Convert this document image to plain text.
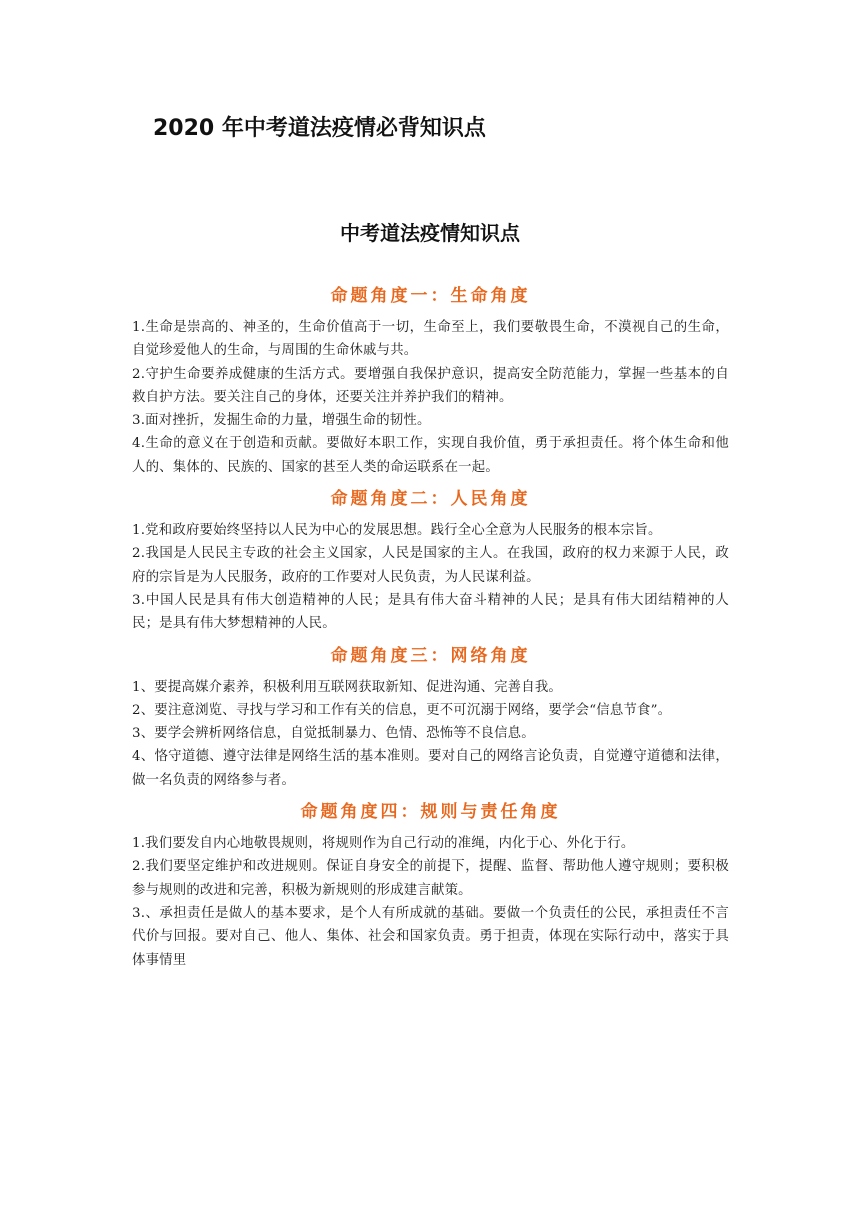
2020 年中考道法疫情必背知识点
中考道法疫情知识点
命题角度一：生命角度

1.生命是崇高的、神圣的，生命价值高于一切，生命至上，我们要敬畏生命，不漠视自己的生命，自觉珍爱他人的生命，与周围的生命休戚与共。

2.守护生命要养成健康的生活方式。要增强自我保护意识，提高安全防范能力，掌握一些基本的自救自护方法。要关注自己的身体，还要关注并养护我们的精神。

3.面对挫折，发掘生命的力量，增强生命的韧性。

4.生命的意义在于创造和贡献。要做好本职工作，实现自我价值，勇于承担责任。将个体生命和他人的、集体的、民族的、国家的甚至人类的命运联系在一起。

命题角度二：人民角度

1.党和政府要始终坚持以人民为中心的发展思想。践行全心全意为人民服务的根本宗旨。

2.我国是人民民主专政的社会主义国家，人民是国家的主人。在我国，政府的权力来源于人民，政府的宗旨是为人民服务，政府的工作要对人民负责，为人民谋利益。

3.中国人民是具有伟大创造精神的人民；是具有伟大奋斗精神的人民；是具有伟大团结精神的人民；是具有伟大梦想精神的人民。

命题角度三：网络角度

1、要提高媒介素养，积极利用互联网获取新知、促进沟通、完善自我。

2、要注意浏览、寻找与学习和工作有关的信息，更不可沉溺于网络，要学会“信息节食”。

3、要学会辨析网络信息，自觉抵制暴力、色情、恐怖等不良信息。

4、恪守道德、遵守法律是网络生活的基本准则。要对自己的网络言论负责，自觉遵守道德和法律，做一名负责的网络参与者。

命题角度四：规则与责任角度

1.我们要发自内心地敬畏规则，将规则作为自己行动的准绳，内化于心、外化于行。

2.我们要坚定维护和改进规则。保证自身安全的前提下，提醒、监督、帮助他人遵守规则；要积极参与规则的改进和完善，积极为新规则的形成建言献策。

3.、承担责任是做人的基本要求，是个人有所成就的基础。要做一个负责任的公民，承担责任不言代价与回报。要对自己、他人、集体、社会和国家负责。勇于担责，体现在实际行动中，落实于具体事情里
